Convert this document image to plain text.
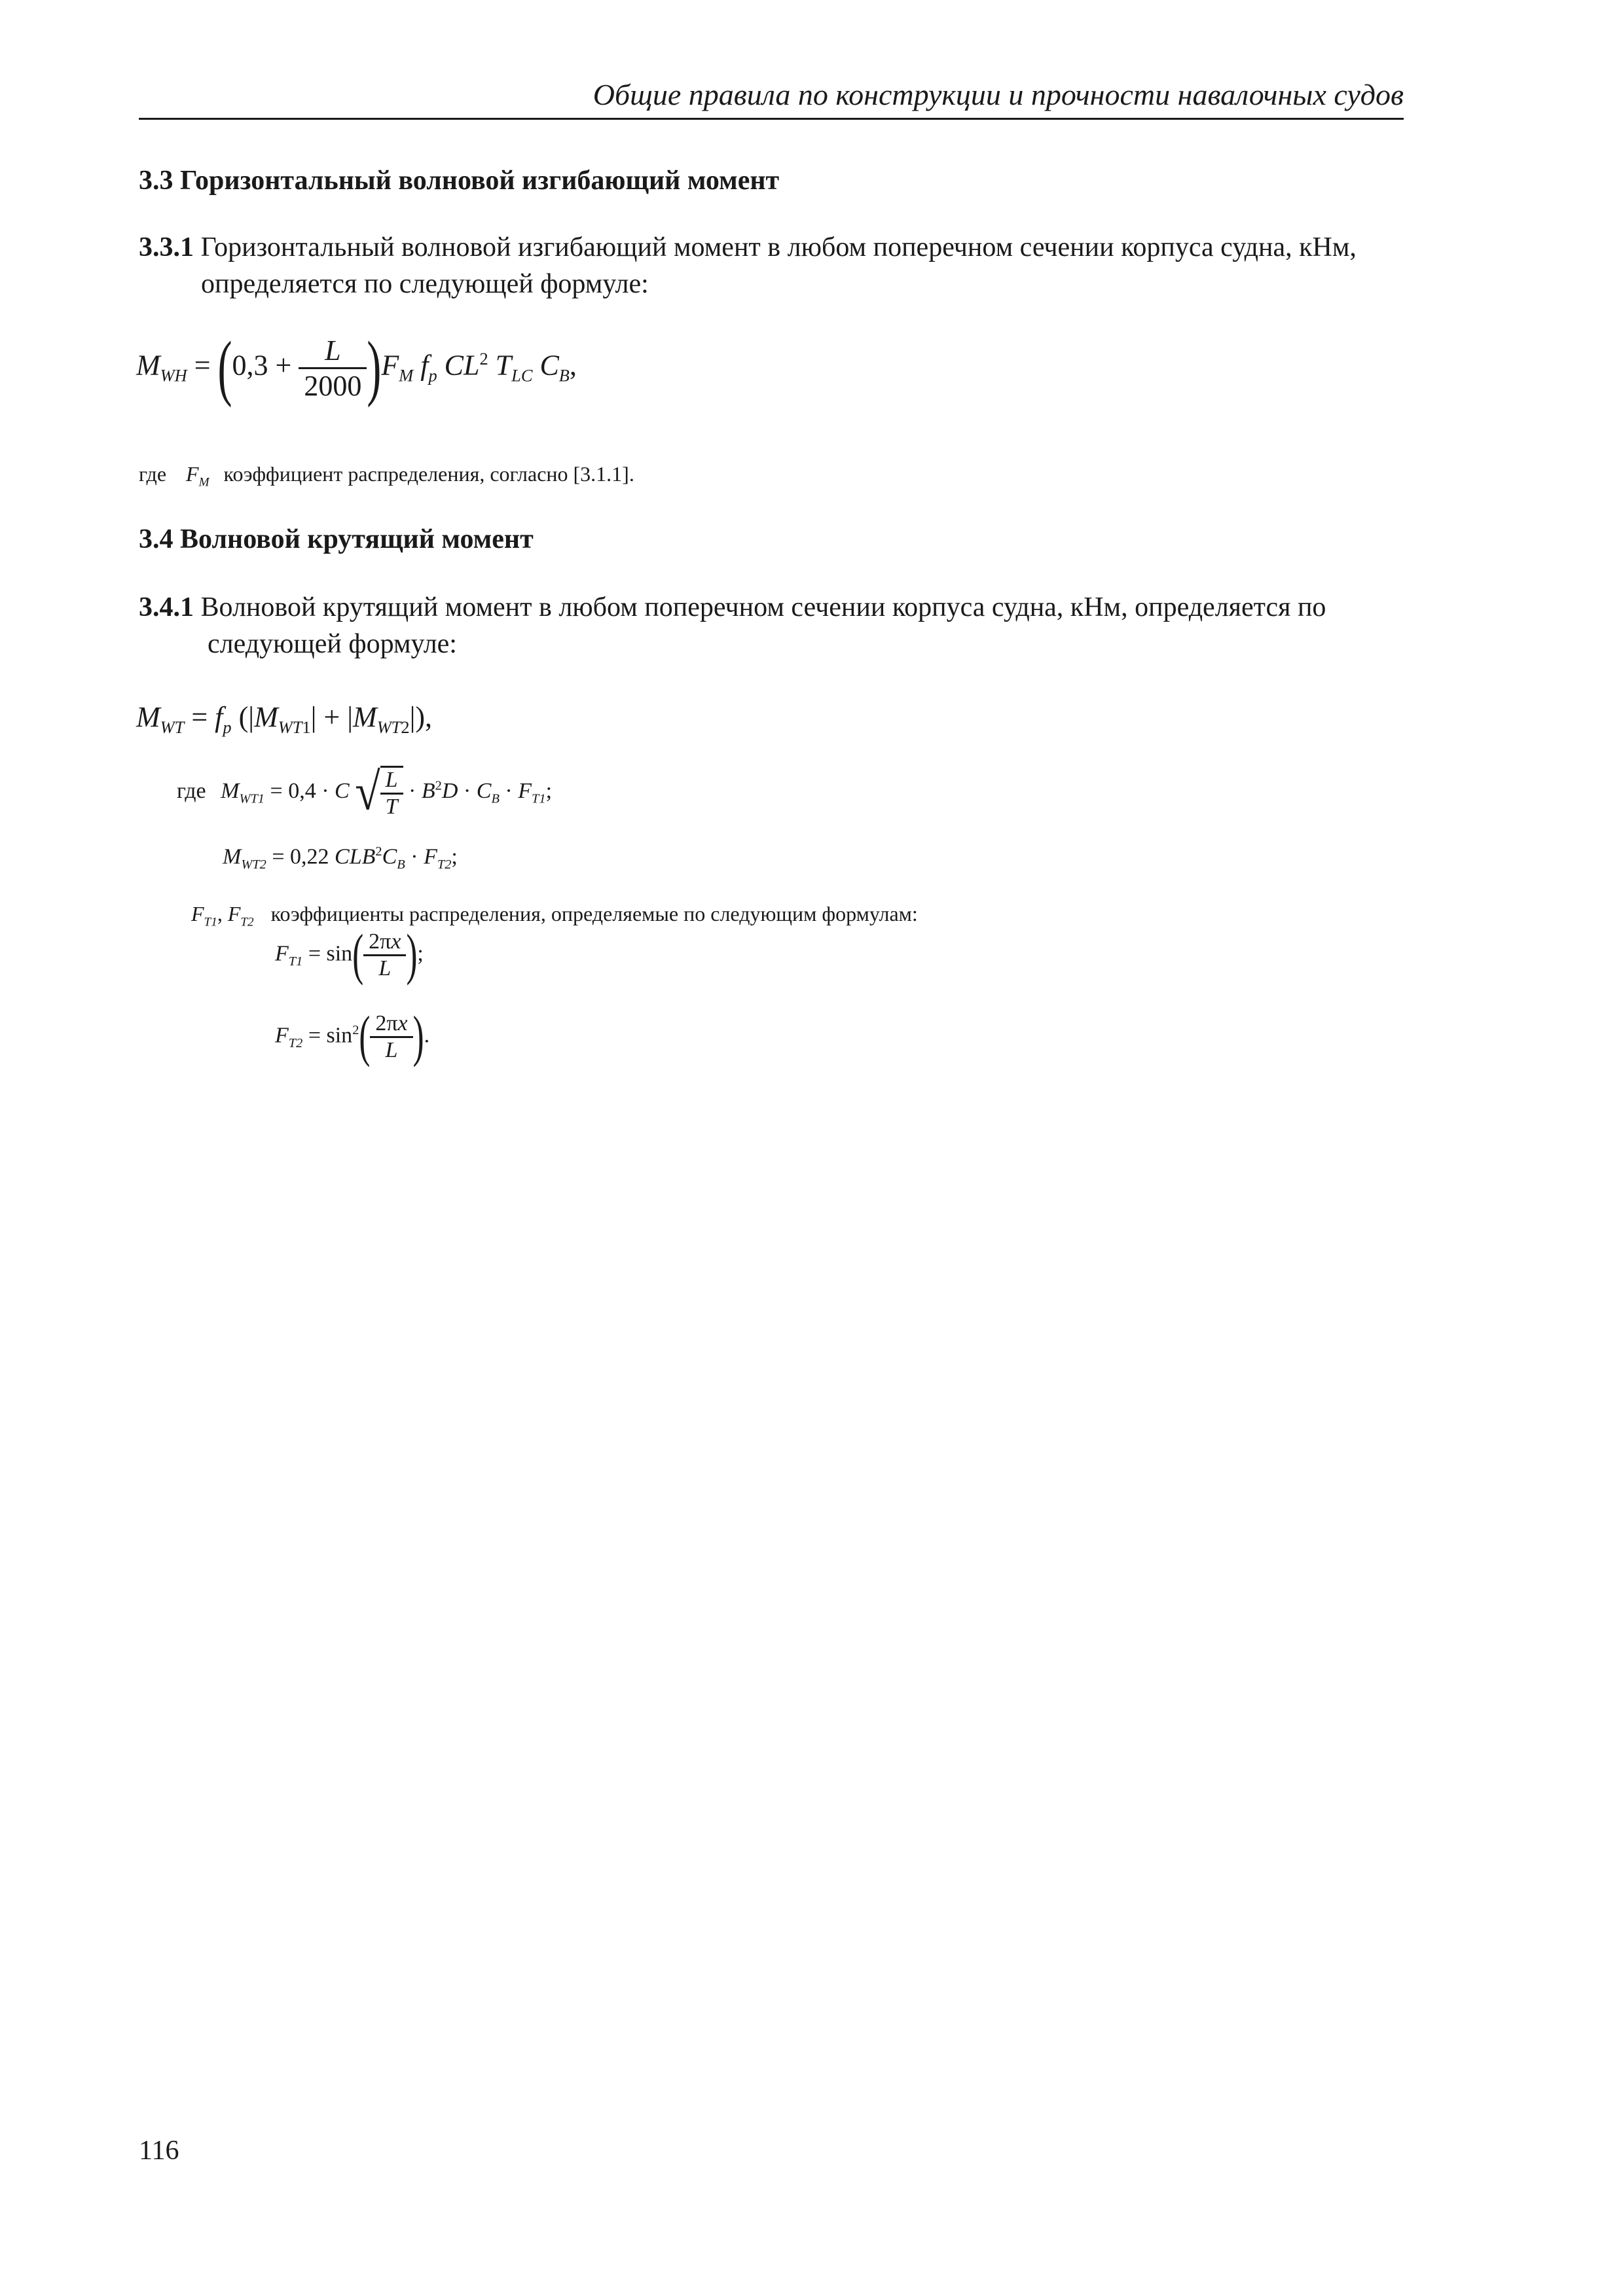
Общие правила по конструкции и прочности навалочных судов
3.3 Горизонтальный волновой изгибающий момент
3.3.1 Горизонтальный волновой изгибающий момент в любом поперечном сечении корпуса судна, кНм,
определяется по следующей формуле:
$M_{WH} = (0,3 + \frac{L}{2000} )F_M$ $f_p$ $CL^2$ $T_{LC}$ $C_B$,
где $F_M$ коэффициент распределения, согласно [3.1.1].
3.4 Волновой крутящий момент
3.4.1 Волновой крутящий момент в любом поперечном сечении корпуса судна, кНм, определяется по
следующей формуле:
$M_{WT} = f_p$ $(|M_{WT1}| + |M_{WT2}|)$,
где $M_{WT1} = 0,4 \cdot C$ √ $\frac{L}{T} \cdot B^2D \cdot C_B \cdot F_{T1}$;
$M_{WT2} = 0,22$ $CLB^2C_B \cdot F_{T2}$;
$F_{T1}$, $F_{T2}$ коэффициенты распределения, определяемые по следующим формулам:
$F_{T1} = \sin( \frac{2\pi x}{L}$ );
$F_{T2} = \sin^2( \frac{2\pi x}{L}$ ).
116
